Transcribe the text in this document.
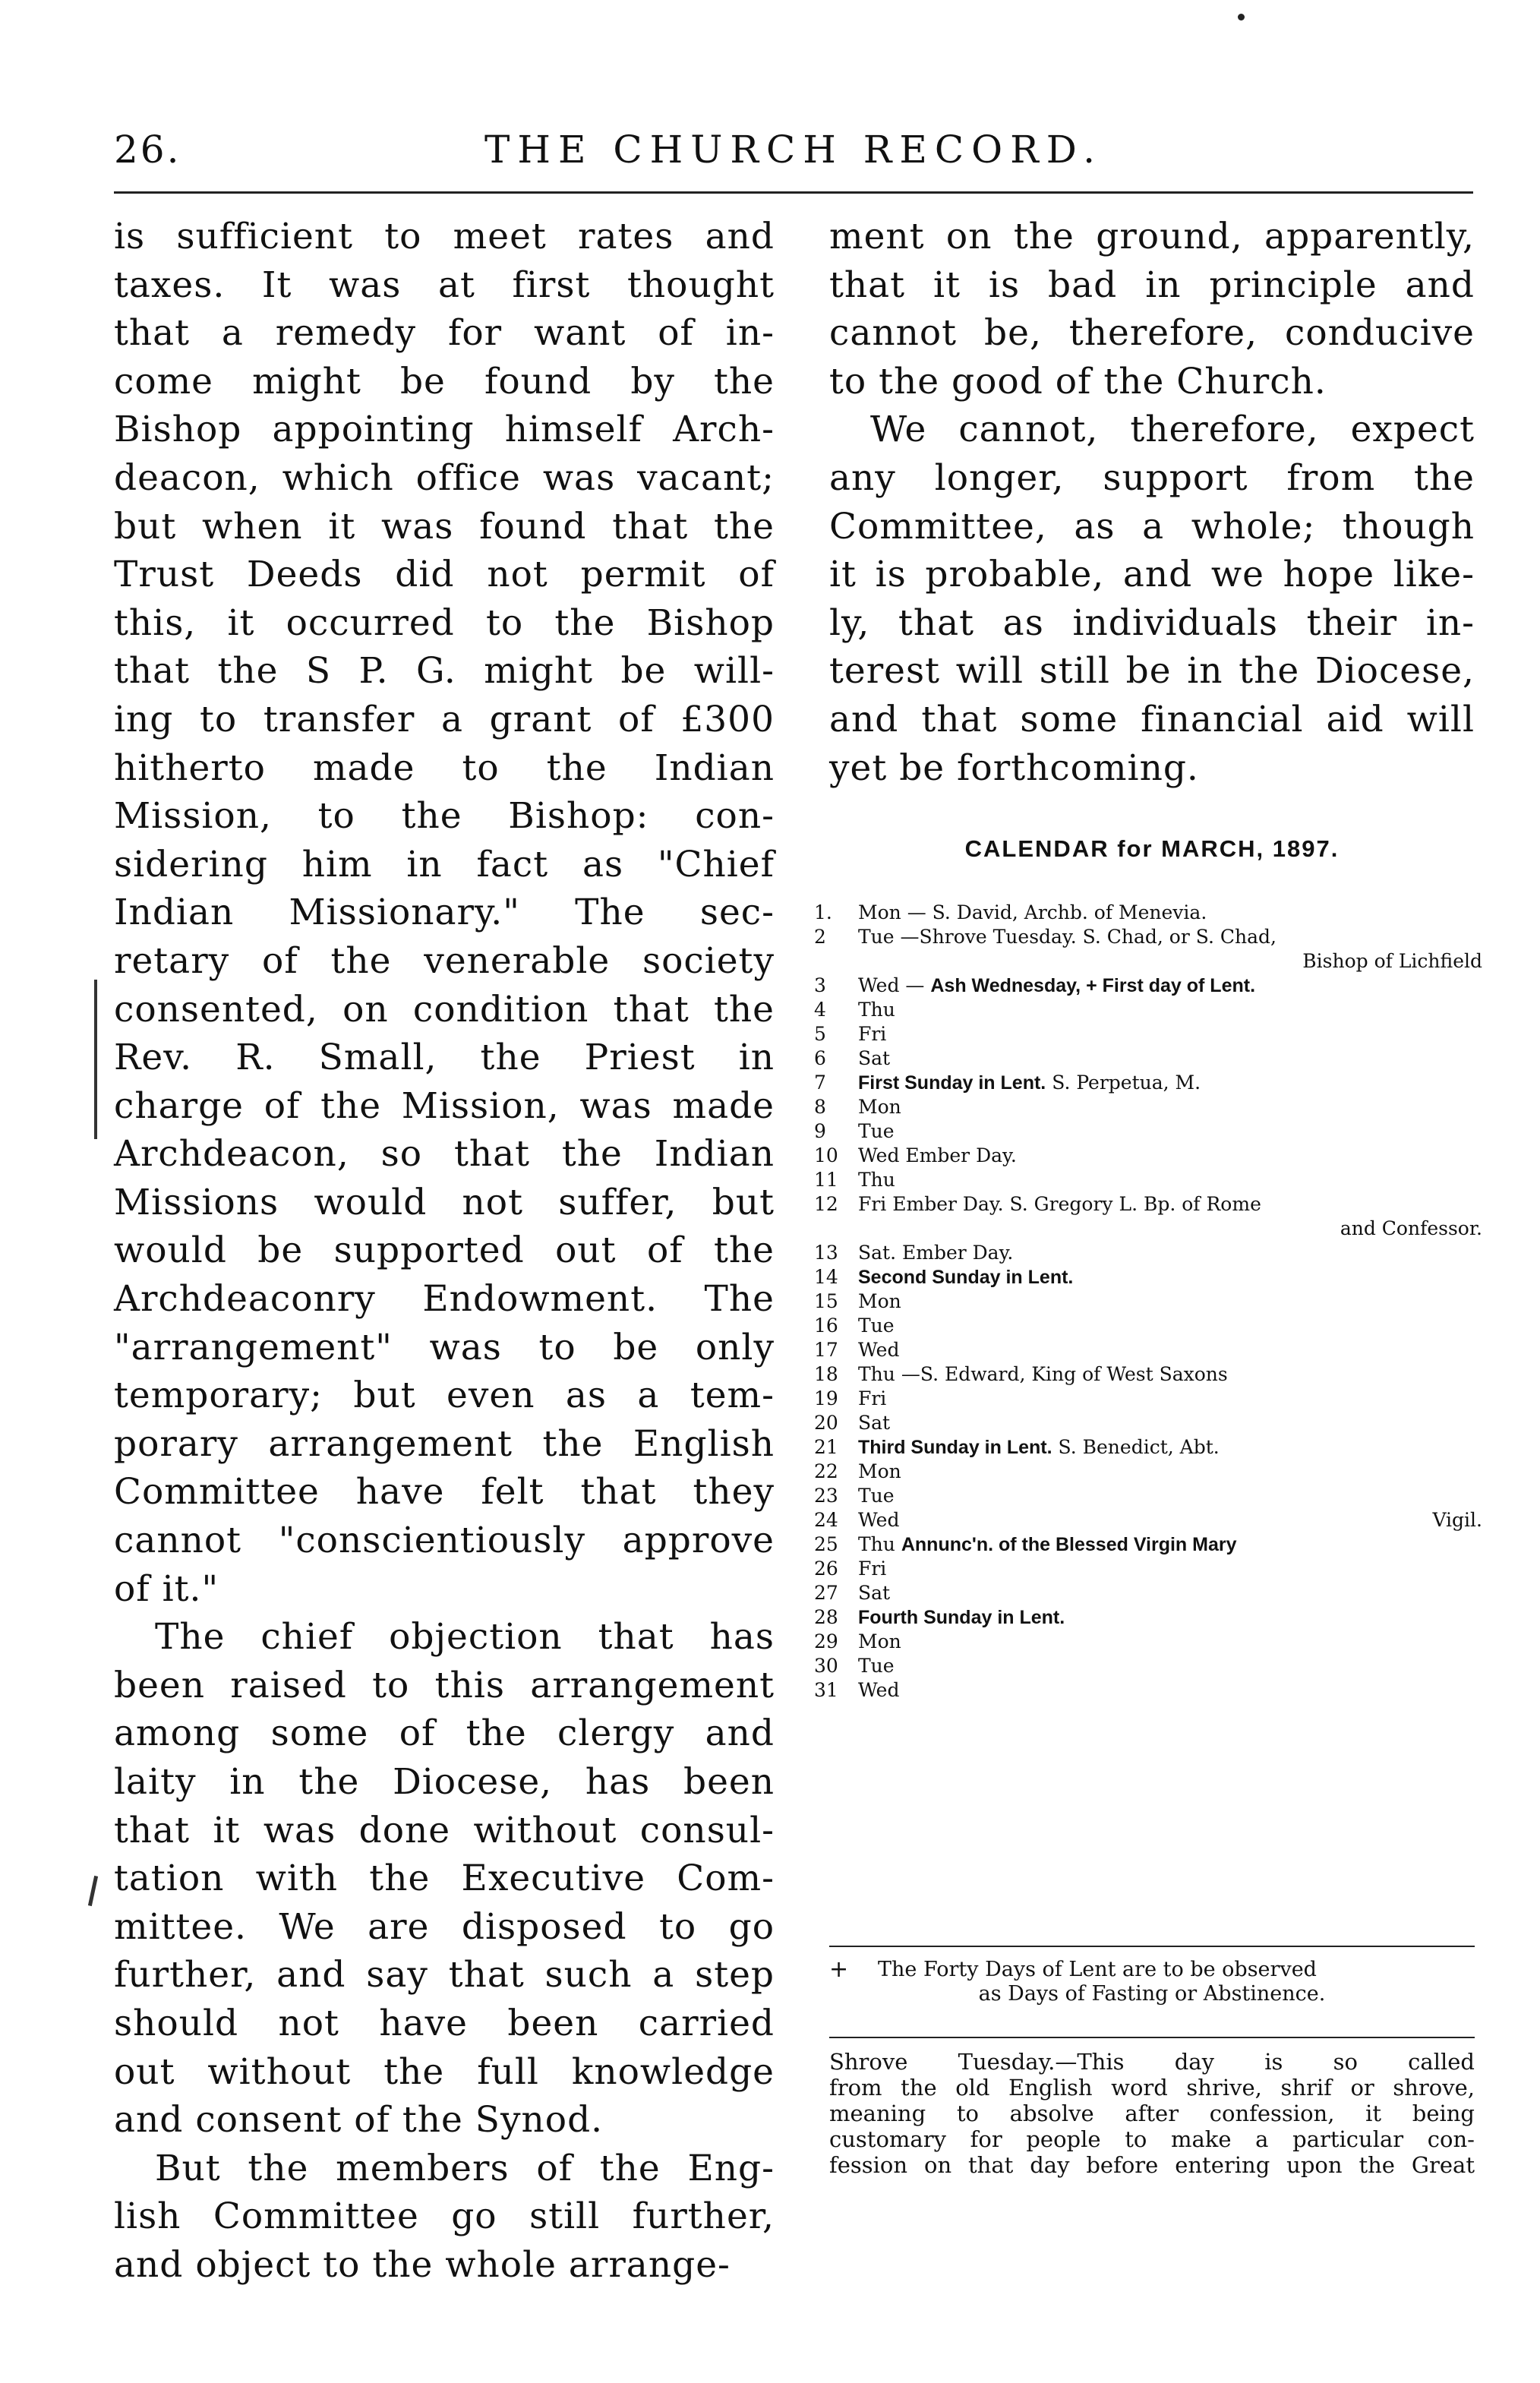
26.	THE CHURCH RECORD.

is sufficient to meet rates and
taxes. It was at first thought
that a remedy for want of in-
come might be found by the
Bishop appointing himself Arch-
deacon, which office was vacant;
but when it was found that the
Trust Deeds did not permit of
this, it occurred to the Bishop
that the S P. G. might be will-
ing to transfer a grant of £300
hitherto made to the Indian
Mission, to the Bishop: con-
sidering him in fact as "Chief
Indian Missionary." The sec-
retary of the venerable society
consented, on condition that the
Rev. R. Small, the Priest in
charge of the Mission, was made
Archdeacon, so that the Indian
Missions would not suffer, but
would be supported out of the
Archdeaconry Endowment. The
"arrangement" was to be only
temporary; but even as a tem-
porary arrangement the English
Committee have felt that they
cannot "conscientiously approve
of it."

The chief objection that has
been raised to this arrangement
among some of the clergy and
laity in the Diocese, has been
that it was done without consul-
tation with the Executive Com-
mittee. We are disposed to go
further, and say that such a step
should not have been carried
out without the full knowledge
and consent of the Synod.

But the members of the Eng-
lish Committee go still further,
and object to the whole arrange-

ment on the ground, apparently,
that it is bad in principle and
cannot be, therefore, conducive
to the good of the Church.

We cannot, therefore, expect
any longer, support from the
Committee, as a whole; though
it is probable, and we hope like-
ly, that as individuals their in-
terest will still be in the Diocese,
and that some financial aid will
yet be forthcoming.

CALENDAR for MARCH, 1897.
1.	Mon — S. David, Archb. of Menevia.
2	Tue —Shrove Tuesday. S. Chad, or S. Chad,
Bishop of Lichfield
3	Wed — Ash Wednesday, + First day of Lent.
4	Thu
5	Fri
6	Sat
7	First Sunday in Lent. S. Perpetua, M.
8	Mon
9	Tue
10	Wed Ember Day.
11	Thu
12	Fri Ember Day. S. Gregory L. Bp. of Rome
and Confessor.
13	Sat. Ember Day.
14	Second Sunday in Lent.
15	Mon
16	Tue
17	Wed
18	Thu —S. Edward, King of West Saxons
19	Fri
20	Sat
21	Third Sunday in Lent. S. Benedict, Abt.
22	Mon
23	Tue
24	Wed	Vigil.
25	Thu Annunc'n. of the Blessed Virgin Mary
26	Fri
27	Sat
28	Fourth Sunday in Lent.
29	Mon
30	Tue
31	Wed
+ The Forty Days of Lent are to be observed
as Days of Fasting or Abstinence.
Shrove Tuesday.—This day is so called
from the old English word shrive, shrif or shrove,
meaning to absolve after confession, it being
customary for people to make a particular con-
fession on that day before entering upon the Great
